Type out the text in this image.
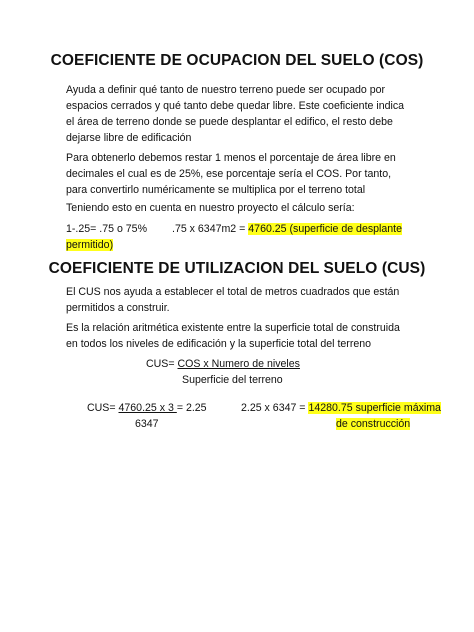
COEFICIENTE DE OCUPACION DEL SUELO (COS)
Ayuda a definir qué tanto de nuestro terreno puede ser ocupado por espacios cerrados y qué tanto debe quedar libre. Este coeficiente indica el área de terreno donde se puede desplantar el edifico, el resto debe dejarse libre de edificación
Para obtenerlo debemos restar 1 menos el porcentaje de área libre en decimales el cual es de 25%, ese porcentaje sería el COS. Por tanto, para convertirlo numéricamente se multiplica por el terreno total
Teniendo esto en cuenta en nuestro proyecto el cálculo sería:
1-.25= .75 o 75% .75 x 6347m2 = 4760.25 (superficie de desplante
permitido)
COEFICIENTE DE UTILIZACION DEL SUELO (CUS)
El CUS nos ayuda a establecer el total de metros cuadrados que están permitidos a construir.
Es la relación aritmética existente entre la superficie total de construida en todos los niveles de edificación y la superficie total del terreno
CUS= COS x Numero de niveles
Superficie del terreno
CUS= 4760.25 x 3 = 2.25
6347
2.25 x 6347 = 14280.75 superficie máxima
de construcción
